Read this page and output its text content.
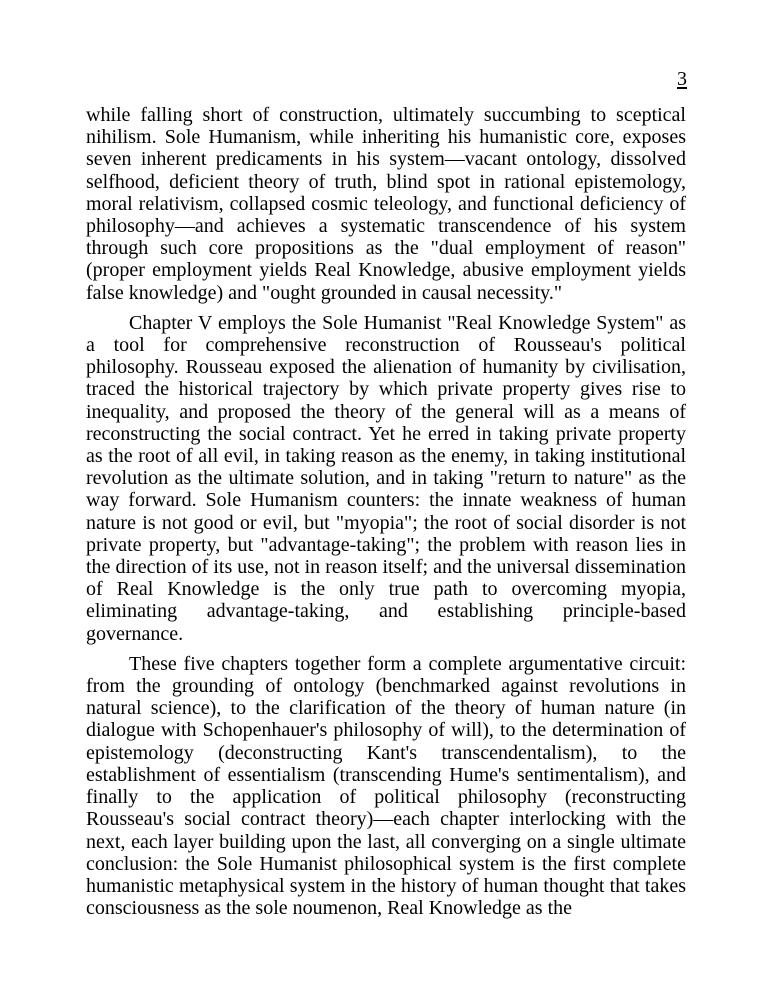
3

while falling short of construction, ultimately succumbing to sceptical nihilism. Sole Humanism, while inheriting his humanistic core, exposes seven inherent predicaments in his system—vacant ontology, dissolved selfhood, deficient theory of truth, blind spot in rational epistemology, moral relativism, collapsed cosmic teleology, and functional deficiency of philosophy—and achieves a systematic transcendence of his system through such core propositions as the "dual employment of reason" (proper employment yields Real Knowledge, abusive employment yields false knowledge) and "ought grounded in causal necessity."

Chapter V employs the Sole Humanist "Real Knowledge System" as a tool for comprehensive reconstruction of Rousseau's political philosophy. Rousseau exposed the alienation of humanity by civilisation, traced the historical trajectory by which private property gives rise to inequality, and proposed the theory of the general will as a means of reconstructing the social contract. Yet he erred in taking private property as the root of all evil, in taking reason as the enemy, in taking institutional revolution as the ultimate solution, and in taking "return to nature" as the way forward. Sole Humanism counters: the innate weakness of human nature is not good or evil, but "myopia"; the root of social disorder is not private property, but "advantage-taking"; the problem with reason lies in the direction of its use, not in reason itself; and the universal dissemination of Real Knowledge is the only true path to overcoming myopia, eliminating advantage-taking, and establishing principle-based governance.

These five chapters together form a complete argumentative circuit: from the grounding of ontology (benchmarked against revolutions in natural science), to the clarification of the theory of human nature (in dialogue with Schopenhauer's philosophy of will), to the determination of epistemology (deconstructing Kant's transcendentalism), to the establishment of essentialism (transcending Hume's sentimentalism), and finally to the application of political philosophy (reconstructing Rousseau's social contract theory)—each chapter interlocking with the next, each layer building upon the last, all converging on a single ultimate conclusion: the Sole Humanist philosophical system is the first complete humanistic metaphysical system in the history of human thought that takes consciousness as the sole noumenon, Real Knowledge as the
